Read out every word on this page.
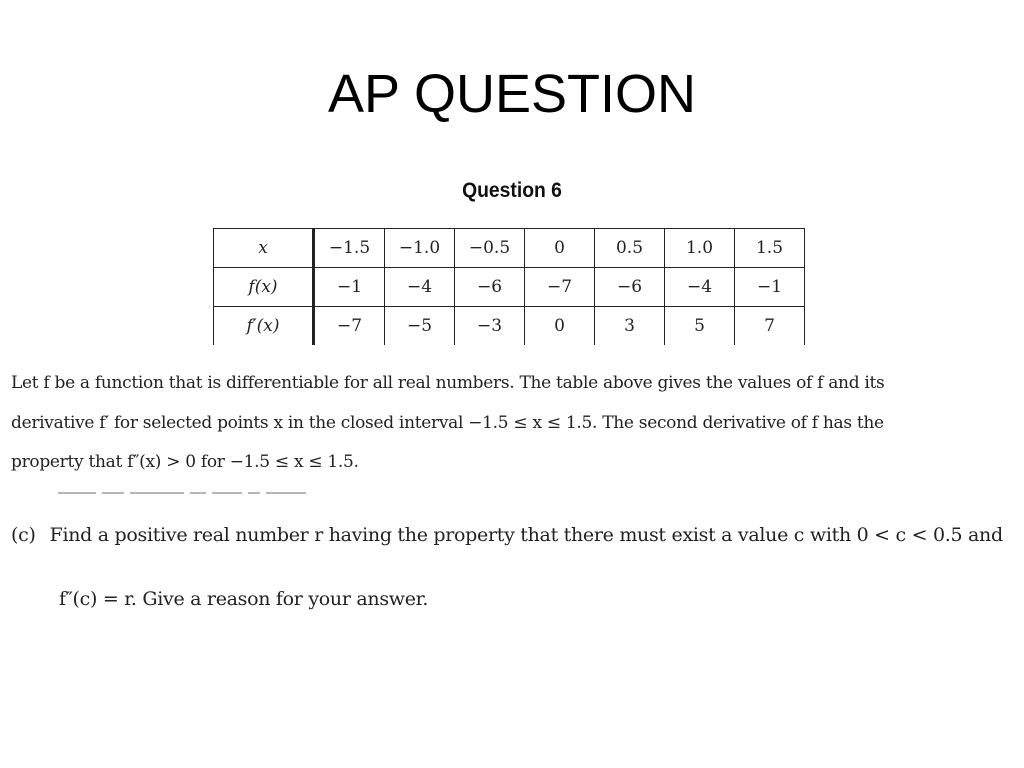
AP QUESTION
Question 6
x	−1.5	−1.0	−0.5	0	0.5	1.0	1.5
f(x)	−1	−4	−6	−7	−6	−4	−1
f′(x)	−7	−5	−3	0	3	5	7

Let f be a function that is differentiable for all real numbers. The table above gives the values of f and its

derivative f′ for selected points x in the closed interval −1.5 ≤ x ≤ 1.5. The second derivative of f has the

property that f″(x) > 0 for −1.5 ≤ x ≤ 1.5.

(c) Find a positive real number r having the property that there must exist a value c with 0 < c < 0.5 and
f″(c) = r. Give a reason for your answer.
